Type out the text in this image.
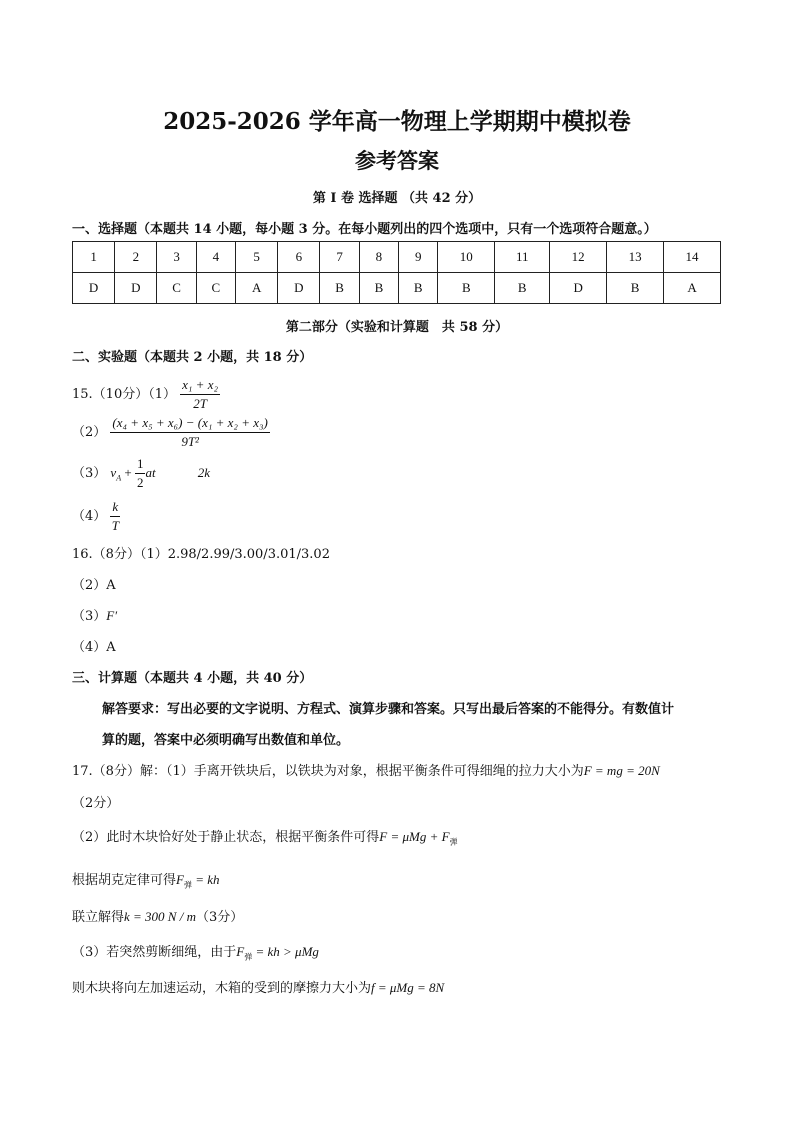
2025-2026 学年高一物理上学期期中模拟卷
参考答案
第 I 卷 选择题 （共 42 分）
一、选择题（本题共 14 小题，每小题 3 分。在每小题列出的四个选项中，只有一个选项符合题意。）
1	2	3	4	5	6	7	8	9	10	11	12	13	14
D	D	C	C	A	D	B	B	B	B	B	D	B	A
第二部分（实验和计算题　共 58 分）
二、实验题（本题共 2 小题，共 18 分）
15.（10分）$(1) \frac{\text{x₁ + x₂}}{2T}$
$(2) \frac{\text{(x₄ + x₅ + x₆) − (x₁ + x₂ + x₃)}}{\text{9T²}}$
（3） $v_A + \frac{1}{2}$ at	2k
$(4) \frac{k}{T}$
16.（8分）（1）2.98/2.99/3.00/3.01/3.02
（2）A
（3）F′
（4）A
三、计算题（本题共 4 小题，共 40 分）
解答要求：写出必要的文字说明、方程式、演算步骤和答案。只写出最后答案的不能得分。有数值计
算的题，答案中必须明确写出数值和单位。
17.（8分）解：（1）手离开铁块后，以铁块为对象，根据平衡条件可得细绳的拉力大小为F = mg = 20N
（2分）
（2）此时木块恰好处于静止状态，根据平衡条件可得$F = \mu Mg + F_弹$
根据胡克定律可得$F_弹$ = kh
联立解得k = 300 N / m（3分）
（3）若突然剪断细绳，由于$F_弹$ = kh > μMg
则木块将向左加速运动，木箱的受到的摩擦力大小为f = μMg = 8N
